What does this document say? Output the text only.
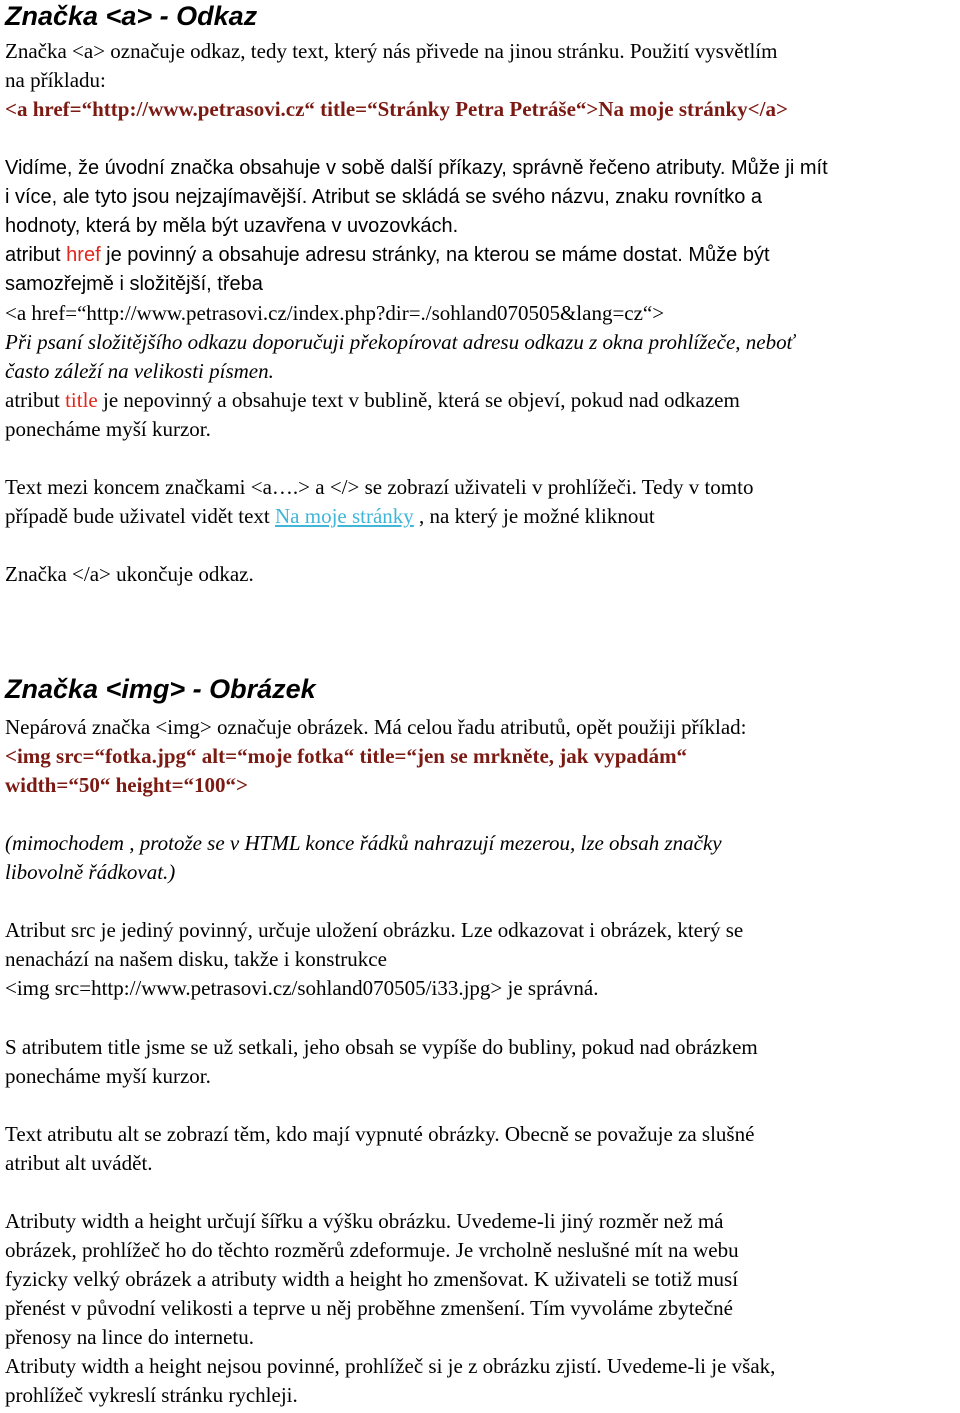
Značka <a> - Odkaz
Značka <a> označuje odkaz, tedy text, který nás přivede na jinou stránku. Použití vysvětlím
na příkladu:
<a href=“http://www.petrasovi.cz“ title=“Stránky Petra Petráše“>Na moje stránky</a>
Vidíme, že úvodní značka obsahuje v sobě další příkazy, správně řečeno atributy. Může ji mít
i více, ale tyto jsou nejzajímavější. Atribut se skládá se svého názvu, znaku rovnítko a
hodnoty, která by měla být uzavřena v uvozovkách.
atribut href je povinný a obsahuje adresu stránky, na kterou se máme dostat. Může být
samozřejmě i složitější, třeba
<a href=“http://www.petrasovi.cz/index.php?dir=./sohland070505&lang=cz“>
Při psaní složitějšího odkazu doporučuji překopírovat adresu odkazu z okna prohlížeče, neboť
často záleží na velikosti písmen.
atribut title je nepovinný a obsahuje text v bublině, která se objeví, pokud nad odkazem
ponecháme myší kurzor.
Text mezi koncem značkami <a….> a </> se zobrazí uživateli v prohlížeči. Tedy v tomto
případě bude uživatel vidět text Na moje stránky , na který je možné kliknout
Značka </a> ukončuje odkaz.
Značka <img> - Obrázek
Nepárová značka <img> označuje obrázek. Má celou řadu atributů, opět použiji příklad:
<img src=“fotka.jpg“ alt=“moje fotka“ title=“jen se mrkněte, jak vypadám“
width=“50“ height=“100“>
(mimochodem , protože se v HTML konce řádků nahrazují mezerou, lze obsah značky
libovolně řádkovat.)
Atribut src je jediný povinný, určuje uložení obrázku. Lze odkazovat i obrázek, který se
nenachází na našem disku, takže i konstrukce
<img src=http://www.petrasovi.cz/sohland070505/i33.jpg> je správná.
S atributem title jsme se už setkali, jeho obsah se vypíše do bubliny, pokud nad obrázkem
ponecháme myší kurzor.
Text atributu alt se zobrazí těm, kdo mají vypnuté obrázky. Obecně se považuje za slušné
atribut alt uvádět.
Atributy width a height určují šířku a výšku obrázku. Uvedeme-li jiný rozměr než má
obrázek, prohlížeč ho do těchto rozměrů zdeformuje. Je vrcholně neslušné mít na webu
fyzicky velký obrázek a atributy width a height ho zmenšovat. K uživateli se totiž musí
přenést v původní velikosti a teprve u něj proběhne zmenšení. Tím vyvoláme zbytečné
přenosy na lince do internetu.
Atributy width a height nejsou povinné, prohlížeč si je z obrázku zjistí. Uvedeme-li je však,
prohlížeč vykreslí stránku rychleji.
